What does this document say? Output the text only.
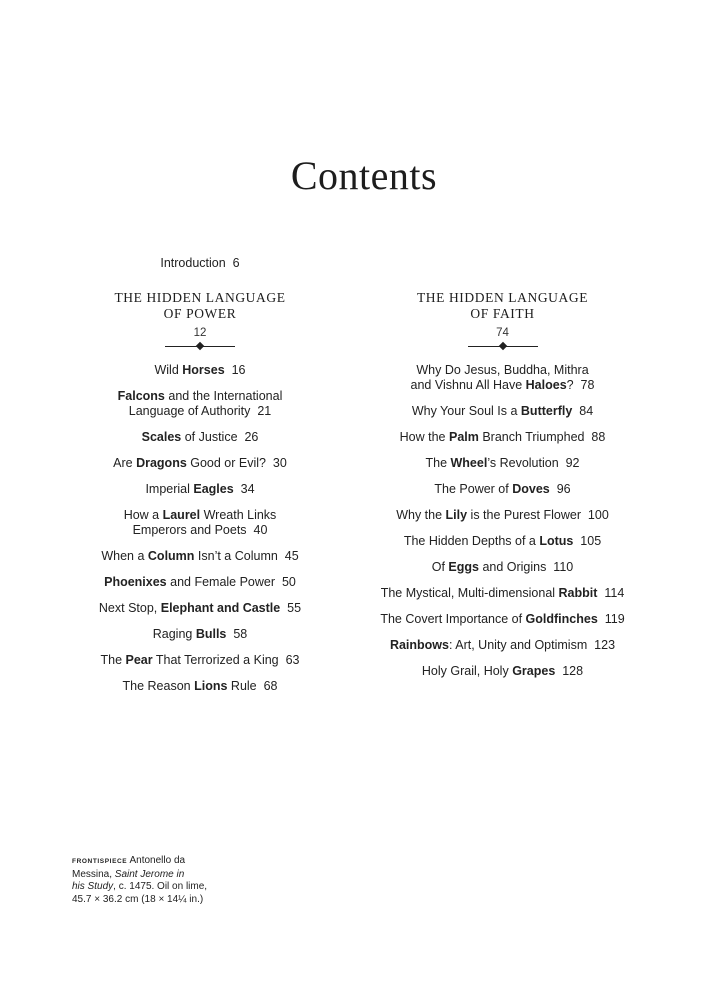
Contents
Introduction 6
THE HIDDEN LANGUAGE
OF POWER
12
Wild Horses  16
Falcons and the International
Language of Authority  21
Scales of Justice  26
Are Dragons Good or Evil?  30
Imperial Eagles  34
How a Laurel Wreath Links
Emperors and Poets  40
When a Column Isn’t a Column  45
Phoenixes and Female Power  50
Next Stop, Elephant and Castle  55
Raging Bulls  58
The Pear That Terrorized a King  63
The Reason Lions Rule  68
THE HIDDEN LANGUAGE
OF FAITH
74
Why Do Jesus, Buddha, Mithra
and Vishnu All Have Haloes?  78
Why Your Soul Is a Butterfly  84
How the Palm Branch Triumphed  88
The Wheel’s Revolution  92
The Power of Doves  96
Why the Lily is the Purest Flower  100
The Hidden Depths of a Lotus  105
Of Eggs and Origins  110
The Mystical, Multi-dimensional Rabbit  114
The Covert Importance of Goldfinches  119
Rainbows: Art, Unity and Optimism  123
Holy Grail, Holy Grapes  128
FRONTISPIECE Antonello da
Messina, Saint Jerome in
his Study, c. 1475. Oil on lime,
45.7 × 36.2 cm (18 × 14¼ in.)
